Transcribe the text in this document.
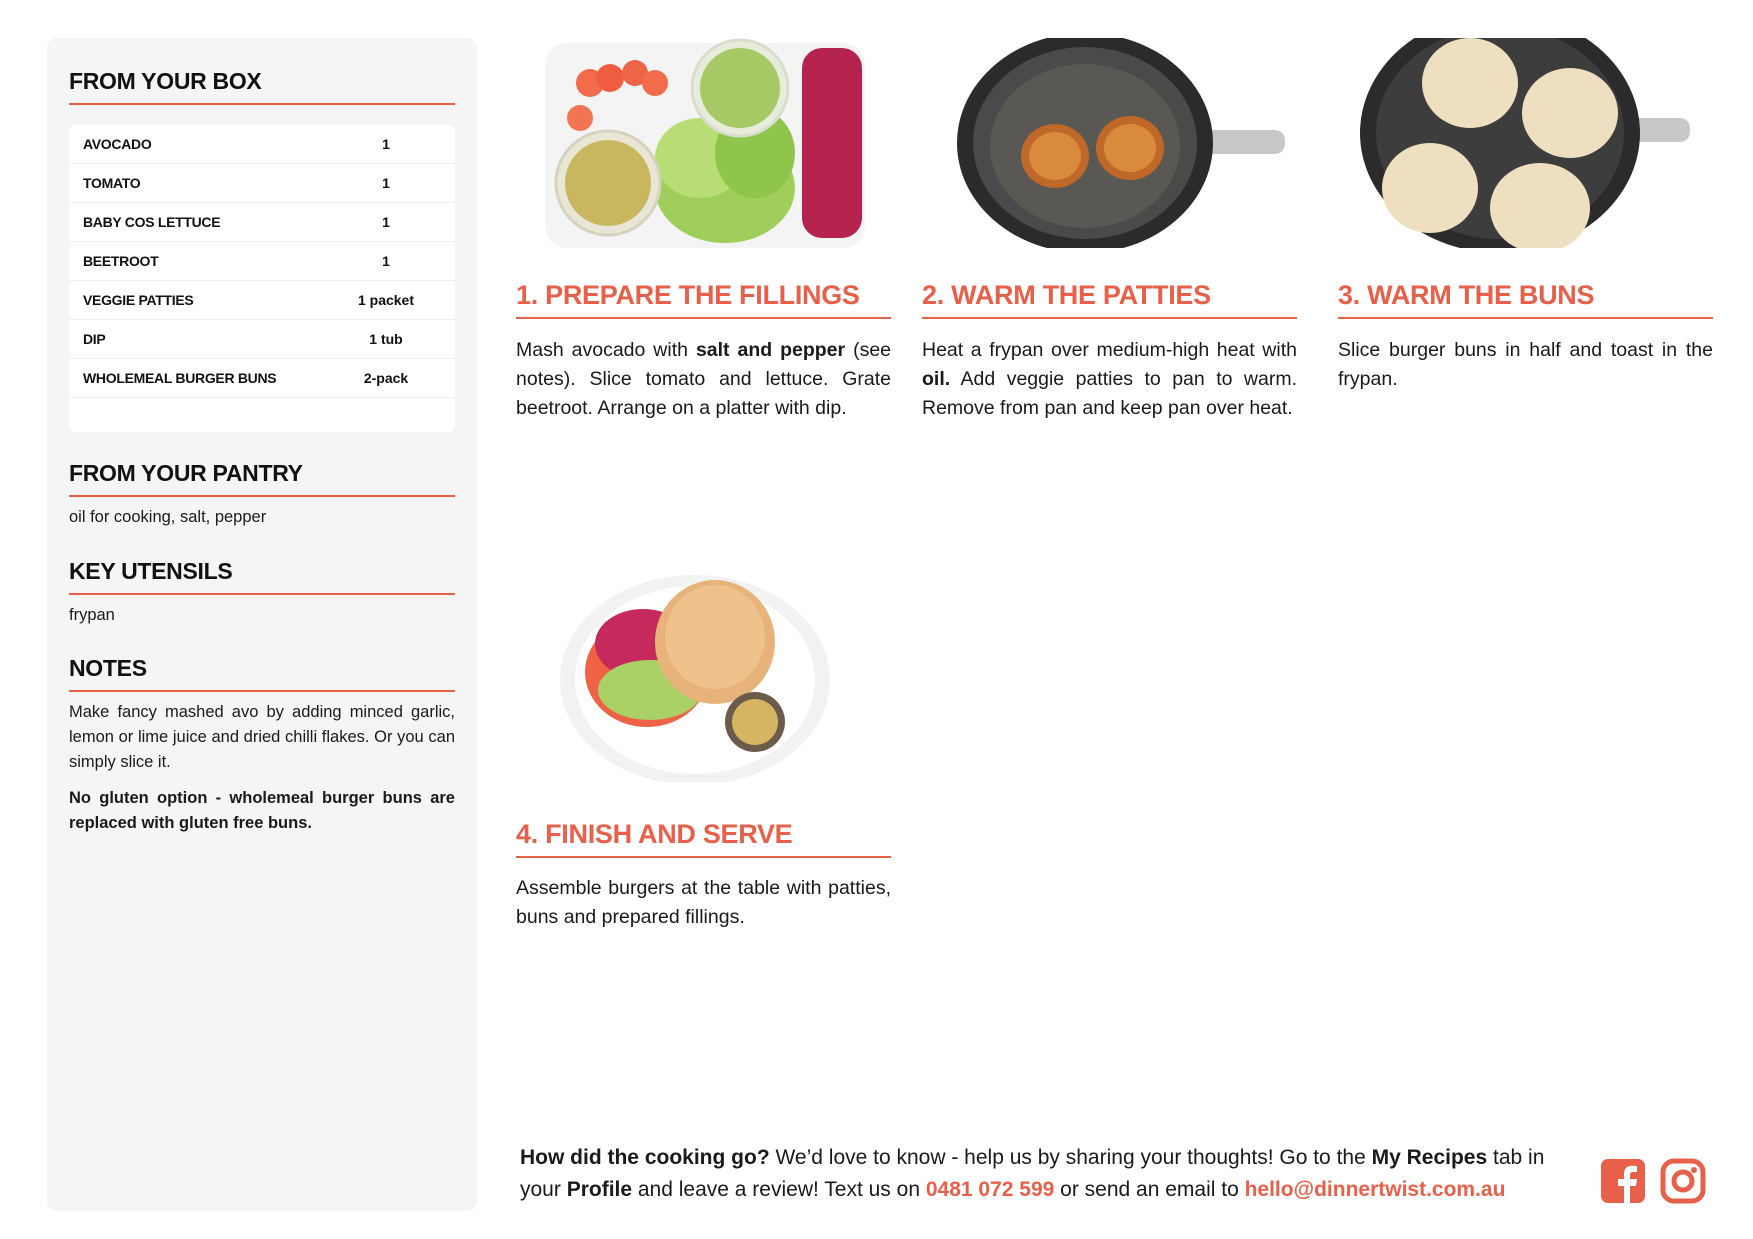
FROM YOUR BOX
AVOCADO	1
TOMATO	1
BABY COS LETTUCE	1
BEETROOT	1
VEGGIE PATTIES	1 packet
DIP	1 tub
WHOLEMEAL BURGER BUNS	2-pack
FROM YOUR PANTRY
oil for cooking, salt, pepper
KEY UTENSILS
frypan
NOTES
Make fancy mashed avo by adding minced garlic, lemon or lime juice and dried chilli flakes. Or you can simply slice it.
No gluten option - wholemeal burger buns are replaced with gluten free buns.
1. PREPARE THE FILLINGS
Mash avocado with salt and pepper (see notes). Slice tomato and lettuce. Grate beetroot. Arrange on a platter with dip.
2. WARM THE PATTIES
Heat a frypan over medium-high heat with oil. Add veggie patties to pan to warm. Remove from pan and keep pan over heat.
3. WARM THE BUNS
Slice burger buns in half and toast in the frypan.
4. FINISH AND SERVE
Assemble burgers at the table with patties, buns and prepared fillings.
How did the cooking go? We’d love to know - help us by sharing your thoughts! Go to the My Recipes tab in your Profile and leave a review! Text us on 0481 072 599 or send an email to hello@dinnertwist.com.au
